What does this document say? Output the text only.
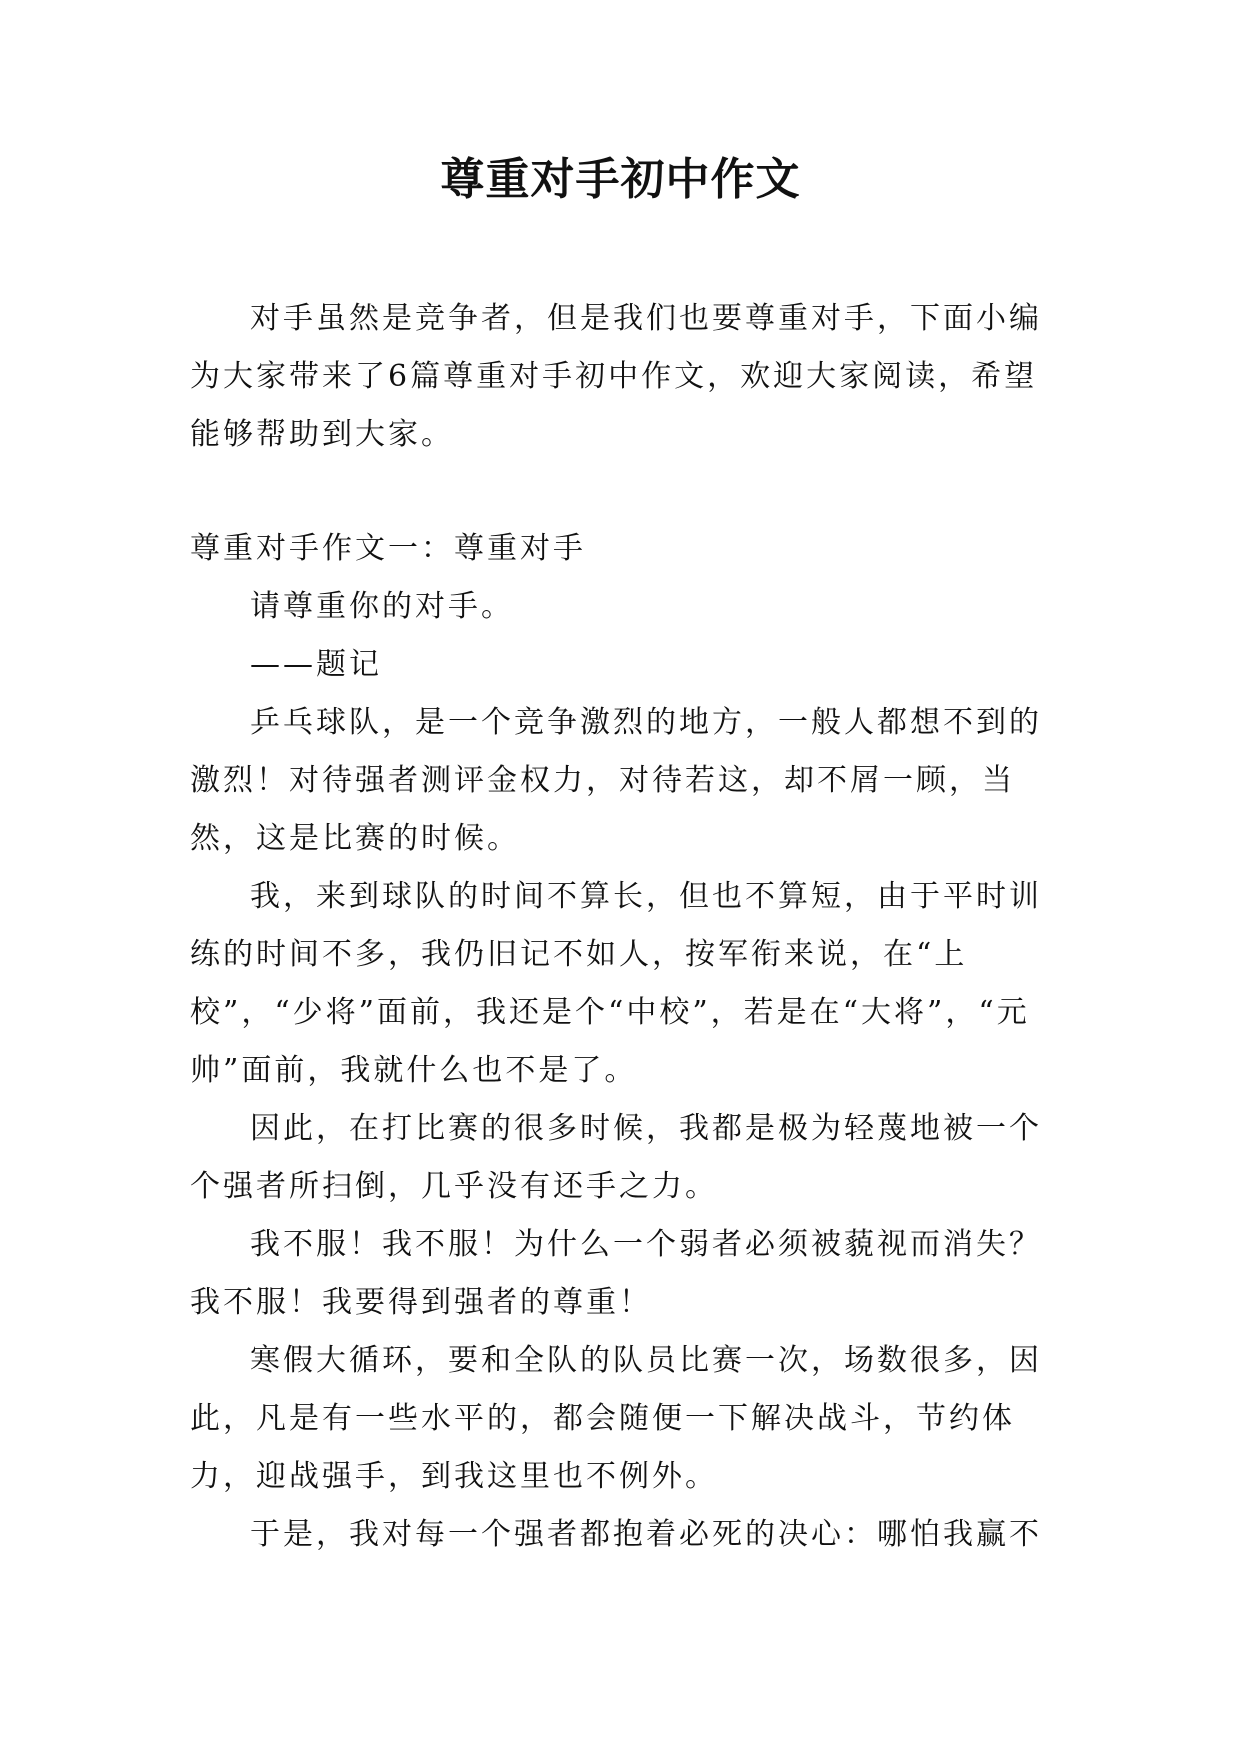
尊重对手初中作文

对手虽然是竞争者，但是我们也要尊重对手，下面小编为大家带来了6篇尊重对手初中作文，欢迎大家阅读，希望能够帮助到大家。

尊重对手作文一：尊重对手

请尊重你的对手。

——题记

乒乓球队，是一个竞争激烈的地方，一般人都想不到的激烈！对待强者测评金权力，对待若这，却不屑一顾，当然，这是比赛的时候。

我，来到球队的时间不算长，但也不算短，由于平时训练的时间不多，我仍旧记不如人，按军衔来说，在“上校”，“少将”面前，我还是个“中校”，若是在“大将”，“元帅”面前，我就什么也不是了。

因此，在打比赛的很多时候，我都是极为轻蔑地被一个个强者所扫倒，几乎没有还手之力。

我不服！我不服！为什么一个弱者必须被藐视而消失？我不服！我要得到强者的尊重！

寒假大循环，要和全队的队员比赛一次，场数很多，因此，凡是有一些水平的，都会随便一下解决战斗，节约体力，迎战强手，到我这里也不例外。

于是，我对每一个强者都抱着必死的决心：哪怕我赢不
